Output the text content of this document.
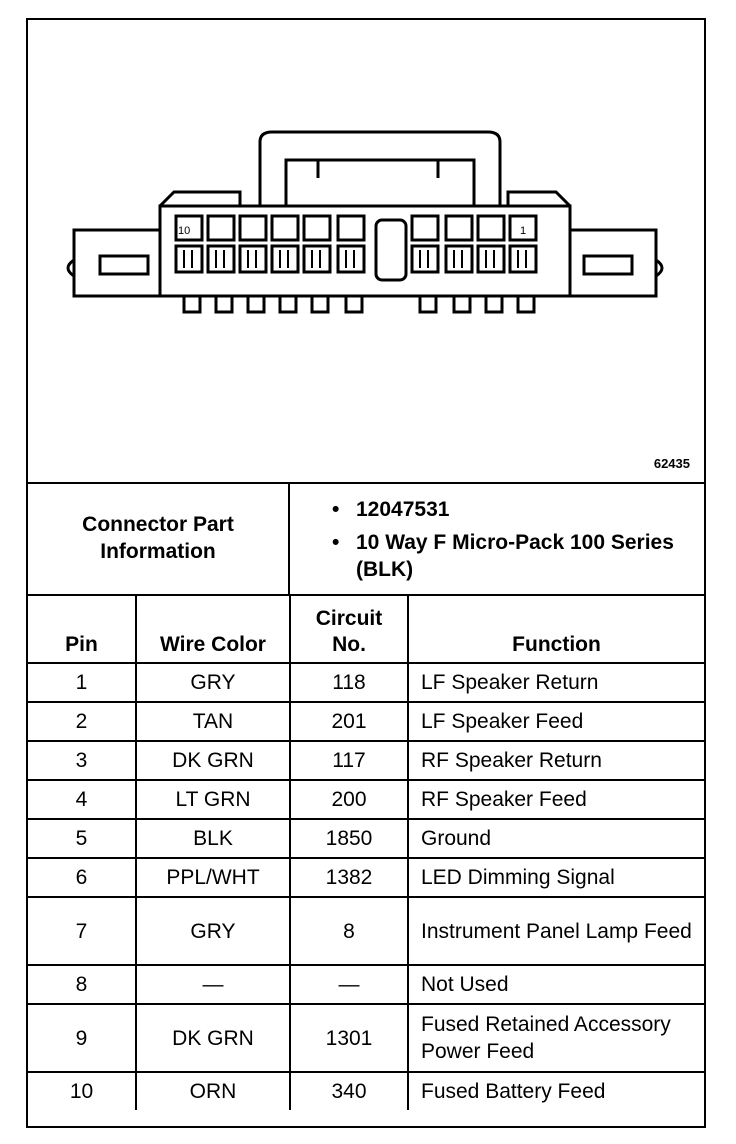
10	1
62435
Connector Part Information
• 12047531
• 10 Way F Micro-Pack 100 Series (BLK)
Pin	Wire Color	Circuit No.	Function
1	GRY	118	LF Speaker Return
2	TAN	201	LF Speaker Feed
3	DK GRN	117	RF Speaker Return
4	LT GRN	200	RF Speaker Feed
5	BLK	1850	Ground
6	PPL/WHT	1382	LED Dimming Signal
7	GRY	8	Instrument Panel Lamp Feed
8	—	—	Not Used
9	DK GRN	1301	Fused Retained Accessory Power Feed
10	ORN	340	Fused Battery Feed
